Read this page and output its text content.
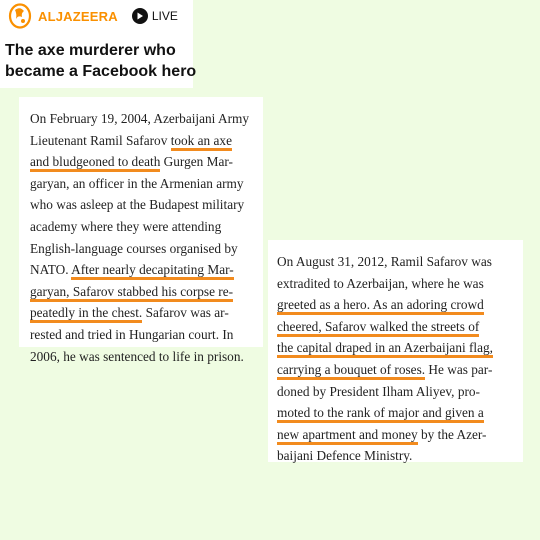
ALJAZEERA	LIVE
The axe murderer who
became a Facebook hero
On February 19, 2004, Azerbaijani Army
Lieutenant Ramil Safarov took an axe
and bludgeoned to death Gurgen Mar-
garyan, an officer in the Armenian army
who was asleep at the Budapest military
academy where they were attending
English-language courses organised by
NATO. After nearly decapitating Mar-
garyan, Safarov stabbed his corpse re-
peatedly in the chest. Safarov was ar-
rested and tried in Hungarian court. In
2006, he was sentenced to life in prison.
On August 31, 2012, Ramil Safarov was
extradited to Azerbaijan, where he was
greeted as a hero. As an adoring crowd
cheered, Safarov walked the streets of
the capital draped in an Azerbaijani flag,
carrying a bouquet of roses. He was par-
doned by President Ilham Aliyev, pro-
moted to the rank of major and given a
new apartment and money by the Azer-
baijani Defence Ministry.
